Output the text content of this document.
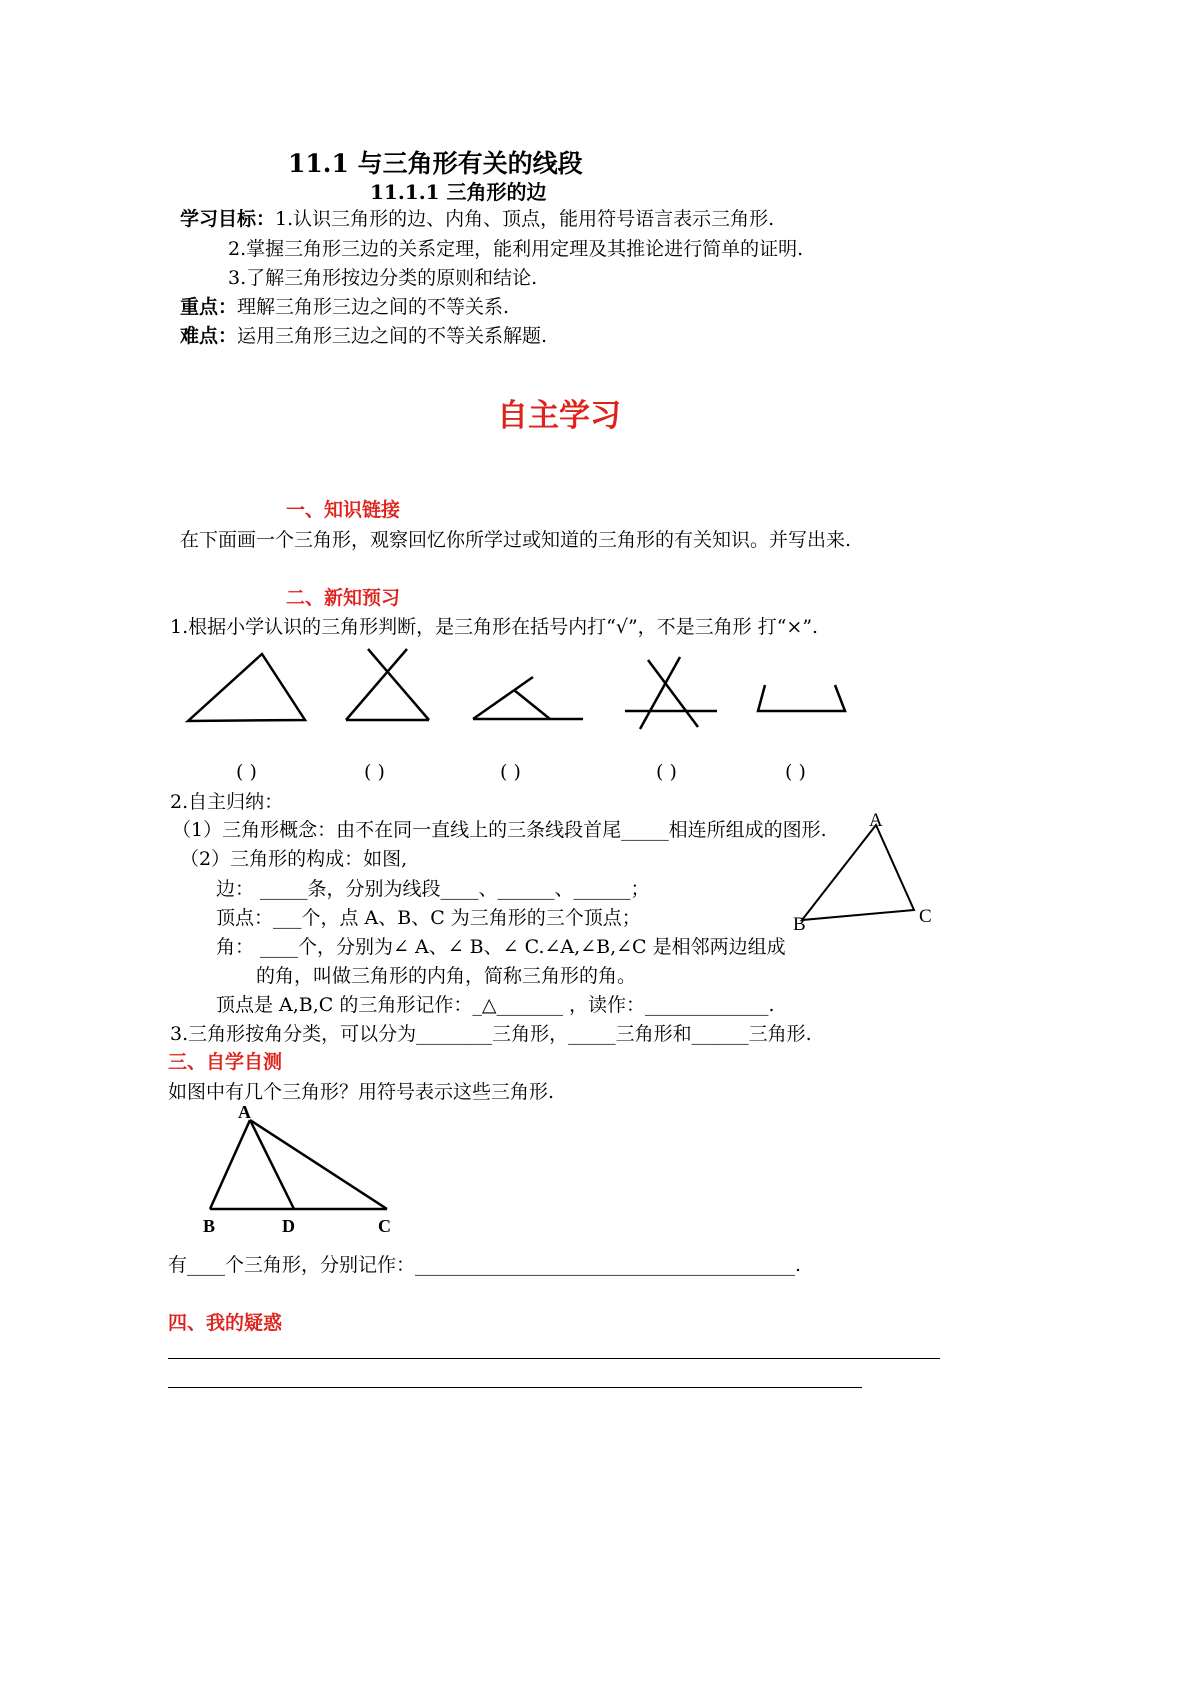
11.1 与三角形有关的线段
11.1.1 三角形的边
学习目标：1.认识三角形的边、内角、顶点，能用符号语言表示三角形.
2.掌握三角形三边的关系定理，能利用定理及其推论进行简单的证明.
3.了解三角形按边分类的原则和结论.
重点：理解三角形三边之间的不等关系.
难点：运用三角形三边之间的不等关系解题.
自主学习
一、知识链接
在下面画一个三角形，观察回忆你所学过或知道的三角形的有关知识。并写出来.
二、新知预习
1.根据小学认识的三角形判断，是三角形在括号内打“√”，不是三角形 打“×”.
( )	( )	( )	( )	( )
2.自主归纳：
（1）三角形概念：由不在同一直线上的三条线段首尾_____相连所组成的图形.
（2）三角形的构成：如图,
边： _____条，分别为线段____、______、______；
顶点：___个，点 A、B、C 为三角形的三个顶点；
角： ____个，分别为∠ A、∠ B、∠ C.∠A,∠B,∠C 是相邻两边组成
的角，叫做三角形的内角，简称三角形的角。
顶点是 A,B,C 的三角形记作：_△_______ ，读作：_____________.
3.三角形按角分类，可以分为________三角形，_____三角形和______三角形.
A
B	C
三、自学自测
如图中有几个三角形？用符号表示这些三角形.
A
B	D	C
有____个三角形，分别记作：________________________________________.
四、我的疑惑
